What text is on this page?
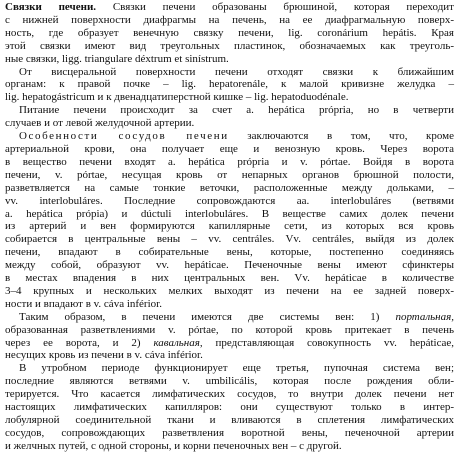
Связки печени. Связки печени образованы брюшиной, которая переходит
с нижней поверхности диафрагмы на печень, на ее диафрагмальную поверх-
ность, где образует венечную связку печени, lig. coronárium hepátis. Края
этой связки имеют вид треугольных пластинок, обозначаемых как треуголь-
ные связки, ligg. triangulare déxtrum et sinístrum.
От висцеральной поверхности печени отходят связки к ближайшим
органам: к правой почке – lig. hepatorenále, к малой кривизне желудка –
lig. hepatogástricum и к двенадцатиперстной кишке – lig. hepatoduodénale.
Питание печени происходит за счет а. hepática própria, но в четверти
случаев и от левой желудочной артерии.
Особенности сосудов печени заключаются в том, что, кроме
артериальной крови, она получает еще и венозную кровь. Через ворота
в вещество печени входят а. hepática própria и v. pórtae. Войдя в ворота
печени, v. pórtae, несущая кровь от непарных органов брюшной полости,
разветвляется на самые тонкие веточки, расположенные между дольками, –
vv. interlobuláres. Последние сопровождаются аа. interlobuláres (ветвями
а. hepática própia) и dúctuli interlobuláres. В веществе самих долек печени
из артерий и вен формируются капиллярные сети, из которых вся кровь
собирается в центральные вены – vv. centráles. Vv. centráles, выйдя из долек
печени, впадают в собирательные вены, которые, постепенно соединяясь
между собой, образуют vv. hepáticae. Печеночные вены имеют сфинктеры
в местах впадения в них центральных вен. Vv. hepáticae в количестве
3–4 крупных и нескольких мелких выходят из печени на ее задней поверх-
ности и впадают в v. cáva inférior.
Таким образом, в печени имеются две системы вен: 1) портальная,
образованная разветвлениями v. pórtae, по которой кровь притекает в печень
через ее ворота, и 2) кавальная, представляющая совокупность vv. hepáticae,
несущих кровь из печени в v. cáva inférior.
В утробном периоде функционирует еще третья, пупочная система вен;
последние являются ветвями v. umbilicális, которая после рождения обли-
терируется. Что касается лимфатических сосудов, то внутри долек печени нет
настоящих лимфатических капилляров: они существуют только в интер-
лобулярной соединительной ткани и вливаются в сплетения лимфатических
сосудов, сопровождающих разветвления воротной вены, печеночной артерии
и желчных путей, с одной стороны, и корни печеночных вен – с другой.
